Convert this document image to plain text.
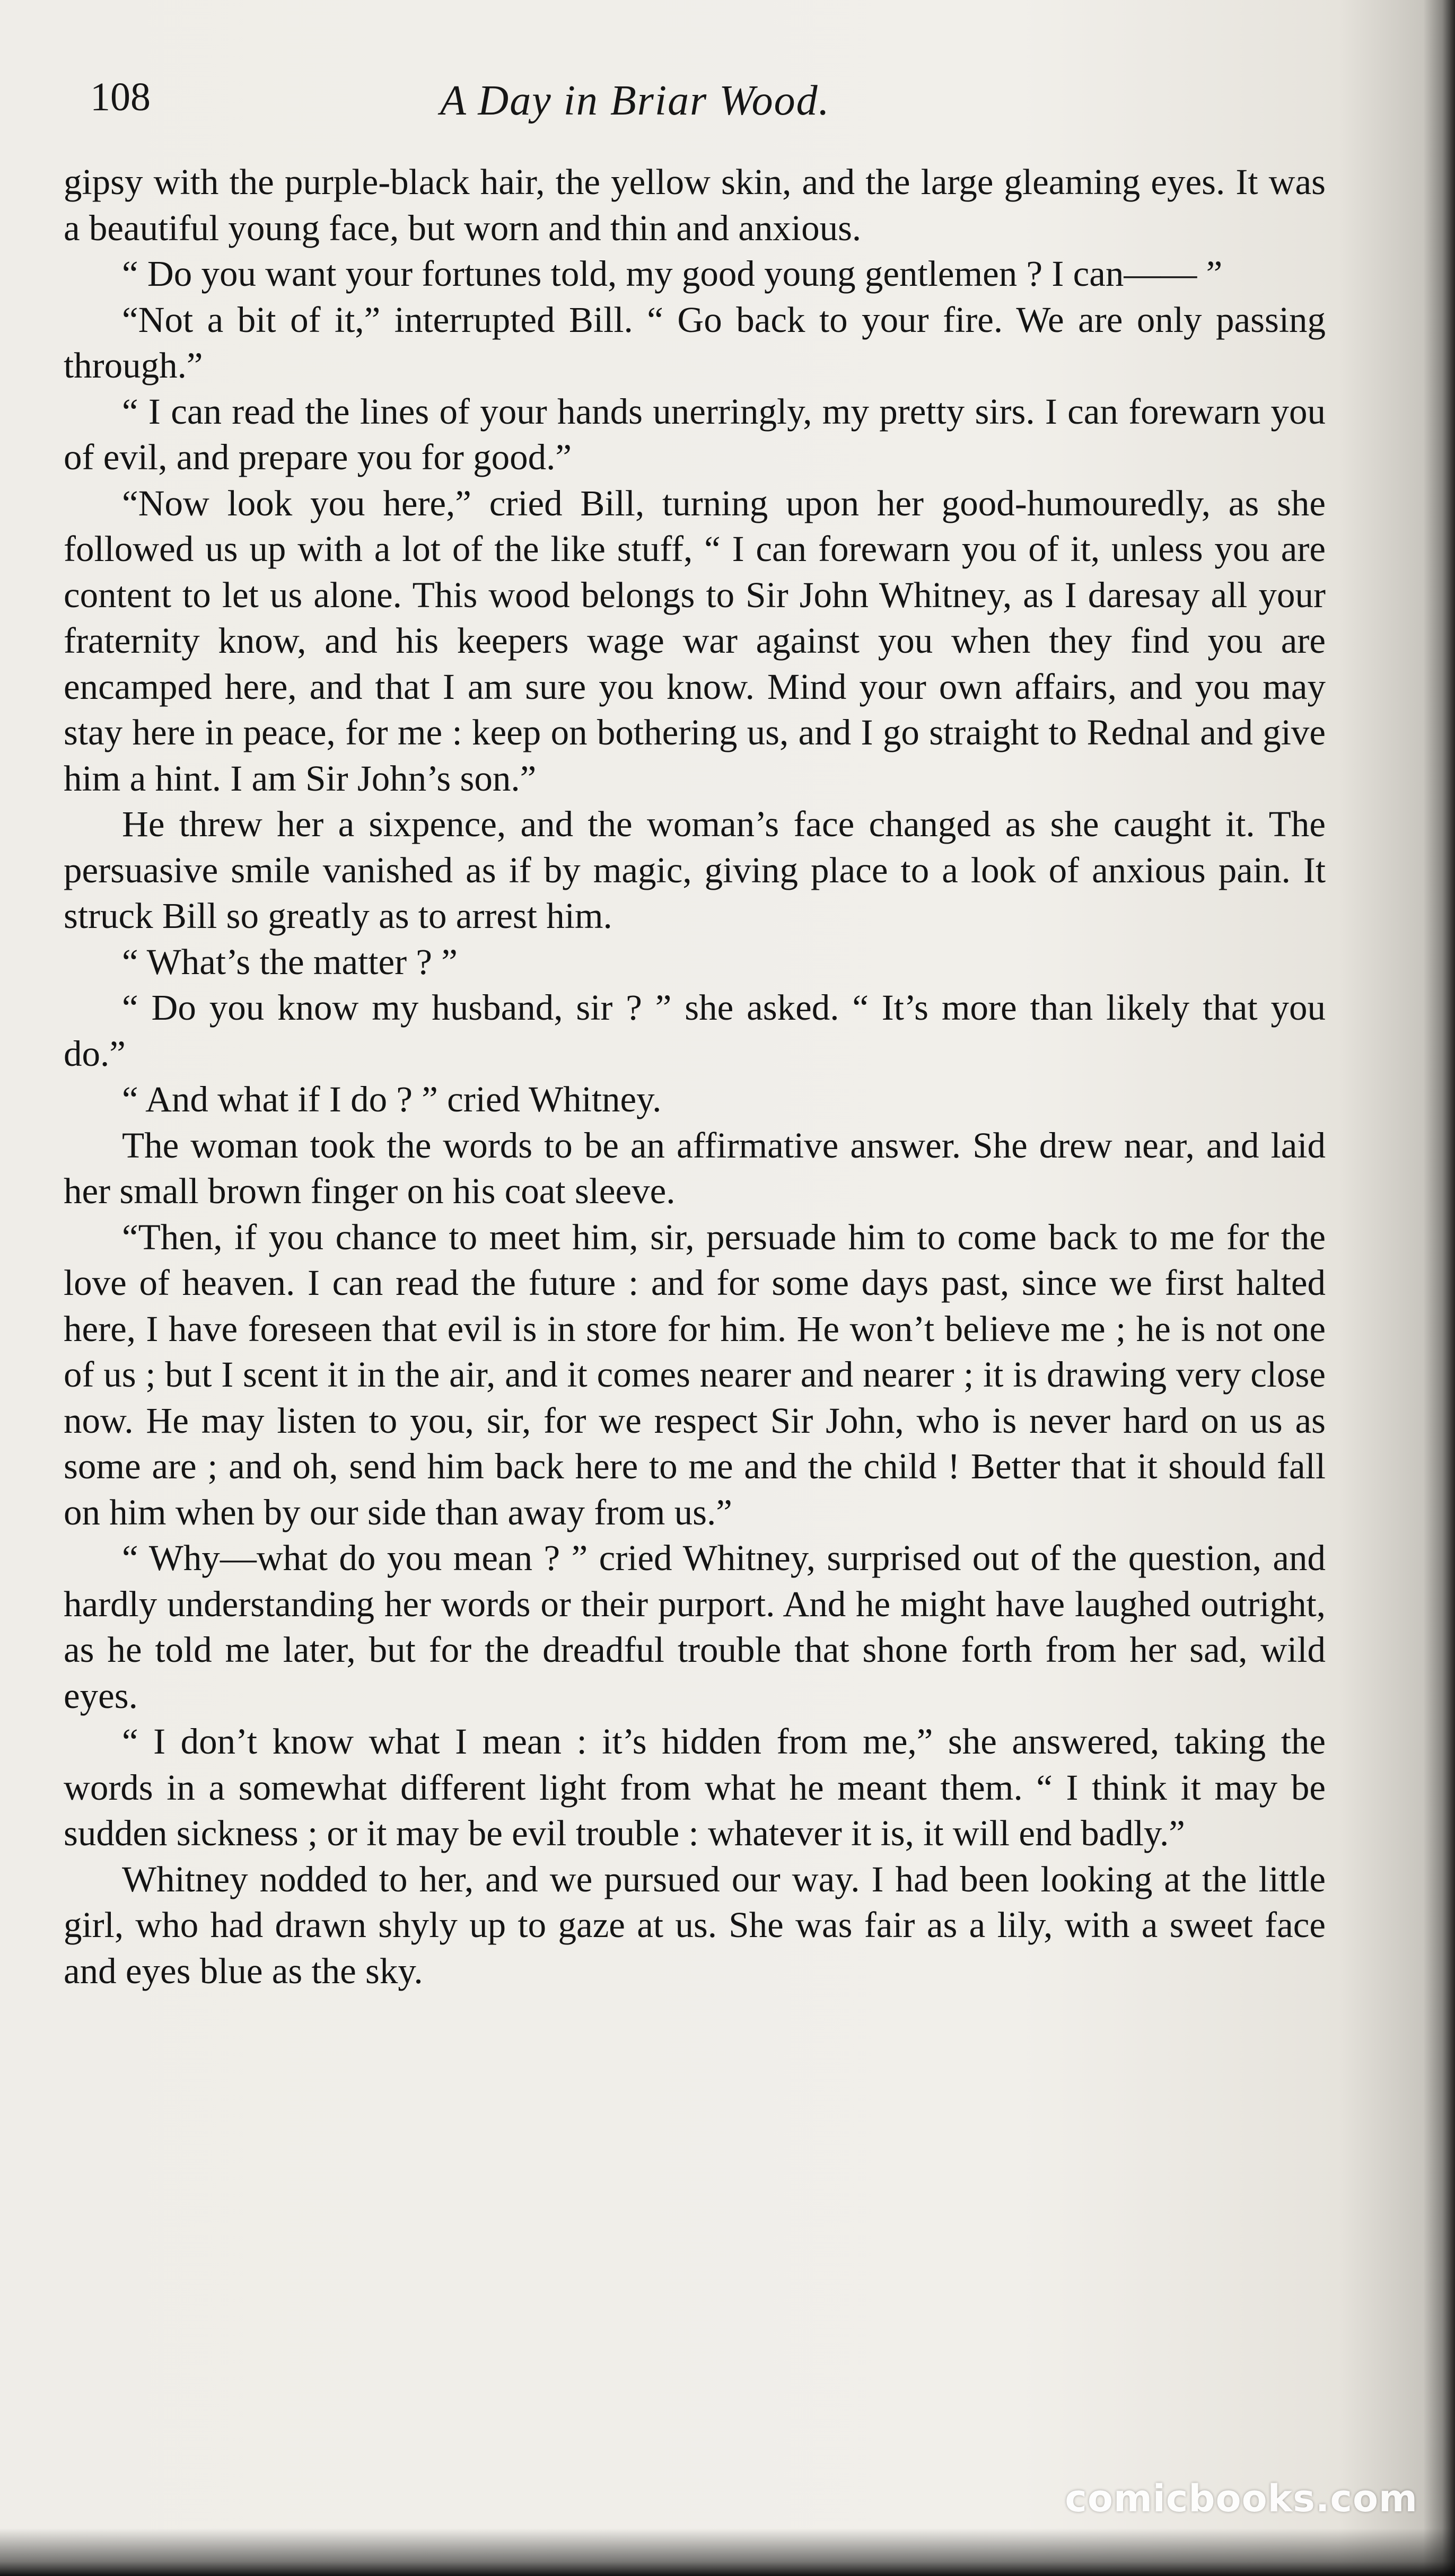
108	A Day in Briar Wood.

gipsy with the purple-black hair, the yellow skin, and the large gleaming eyes. It was a beautiful young face, but worn and thin and anxious.

“ Do you want your fortunes told, my good young gentlemen ? I can—— ”

“Not a bit of it,” interrupted Bill. “ Go back to your fire. We are only passing through.”

“ I can read the lines of your hands unerringly, my pretty sirs. I can forewarn you of evil, and prepare you for good.”

“Now look you here,” cried Bill, turning upon her good-humouredly, as she followed us up with a lot of the like stuff, “ I can forewarn you of it, unless you are content to let us alone. This wood belongs to Sir John Whitney, as I daresay all your fraternity know, and his keepers wage war against you when they find you are encamped here, and that I am sure you know. Mind your own affairs, and you may stay here in peace, for me : keep on bothering us, and I go straight to Rednal and give him a hint. I am Sir John’s son.”

He threw her a sixpence, and the woman’s face changed as she caught it. The persuasive smile vanished as if by magic, giving place to a look of anxious pain. It struck Bill so greatly as to arrest him.

“ What’s the matter ? ”

“ Do you know my husband, sir ? ” she asked. “ It’s more than likely that you do.”

“ And what if I do ? ” cried Whitney.

The woman took the words to be an affirmative answer. She drew near, and laid her small brown finger on his coat sleeve.

“Then, if you chance to meet him, sir, persuade him to come back to me for the love of heaven. I can read the future : and for some days past, since we first halted here, I have foreseen that evil is in store for him. He won’t believe me ; he is not one of us ; but I scent it in the air, and it comes nearer and nearer ; it is drawing very close now. He may listen to you, sir, for we respect Sir John, who is never hard on us as some are ; and oh, send him back here to me and the child ! Better that it should fall on him when by our side than away from us.”

“ Why—what do you mean ? ” cried Whitney, surprised out of the question, and hardly understanding her words or their purport. And he might have laughed outright, as he told me later, but for the dreadful trouble that shone forth from her sad, wild eyes.

“ I don’t know what I mean : it’s hidden from me,” she answered, taking the words in a somewhat different light from what he meant them. “ I think it may be sudden sickness ; or it may be evil trouble : whatever it is, it will end badly.”

Whitney nodded to her, and we pursued our way. I had been looking at the little girl, who had drawn shyly up to gaze at us. She was fair as a lily, with a sweet face and eyes blue as the sky.

comicbooks.com
